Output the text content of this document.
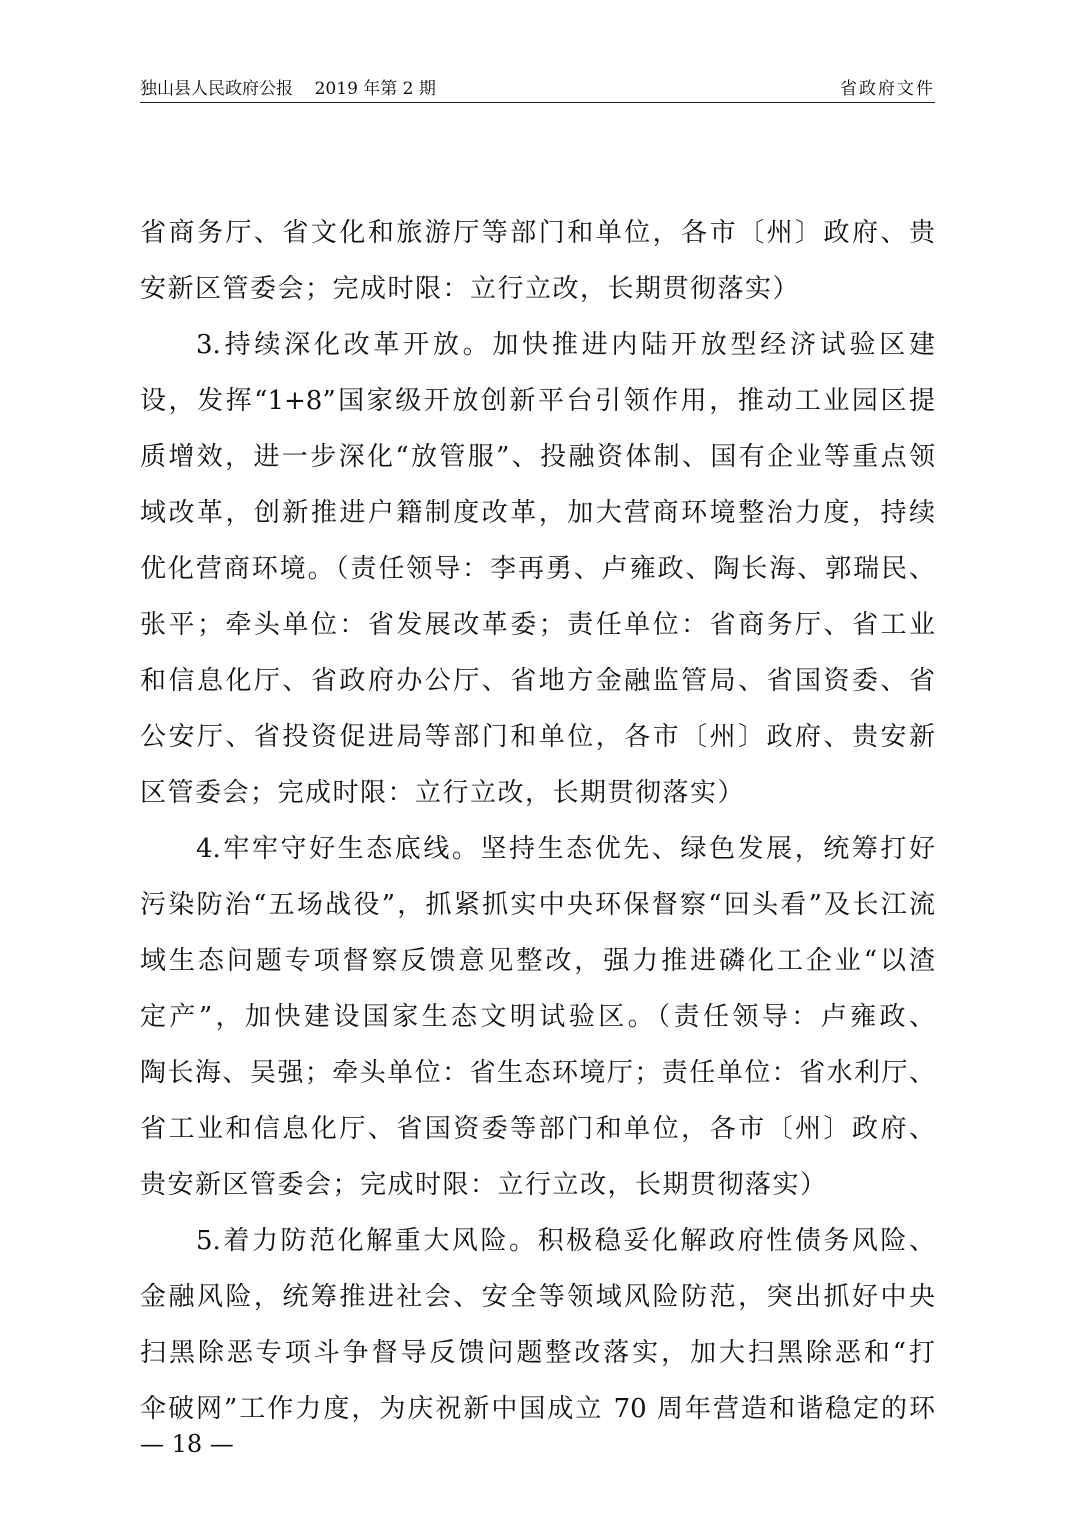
独山县人民政府公报    2019 年第 2 期	省政府文件
省商务厅、省文化和旅游厅等部门和单位，各市〔州〕政府、贵
安新区管委会；完成时限：立行立改，长期贯彻落实）
3.持续深化改革开放。加快推进内陆开放型经济试验区建
设，发挥“1+8”国家级开放创新平台引领作用，推动工业园区提
质增效，进一步深化“放管服”、投融资体制、国有企业等重点领
域改革，创新推进户籍制度改革，加大营商环境整治力度，持续
优化营商环境。（责任领导：李再勇、卢雍政、陶长海、郭瑞民、
张平；牵头单位：省发展改革委；责任单位：省商务厅、省工业
和信息化厅、省政府办公厅、省地方金融监管局、省国资委、省
公安厅、省投资促进局等部门和单位，各市〔州〕政府、贵安新
区管委会；完成时限：立行立改，长期贯彻落实）
4.牢牢守好生态底线。坚持生态优先、绿色发展，统筹打好
污染防治“五场战役”，抓紧抓实中央环保督察“回头看”及长江流
域生态问题专项督察反馈意见整改，强力推进磷化工企业“以渣
定产”，加快建设国家生态文明试验区。（责任领导：卢雍政、
陶长海、吴强；牵头单位：省生态环境厅；责任单位：省水利厅、
省工业和信息化厅、省国资委等部门和单位，各市〔州〕政府、
贵安新区管委会；完成时限：立行立改，长期贯彻落实）
5.着力防范化解重大风险。积极稳妥化解政府性债务风险、
金融风险，统筹推进社会、安全等领域风险防范，突出抓好中央
扫黑除恶专项斗争督导反馈问题整改落实，加大扫黑除恶和“打
伞破网”工作力度，为庆祝新中国成立 70 周年营造和谐稳定的环
— 18 —
